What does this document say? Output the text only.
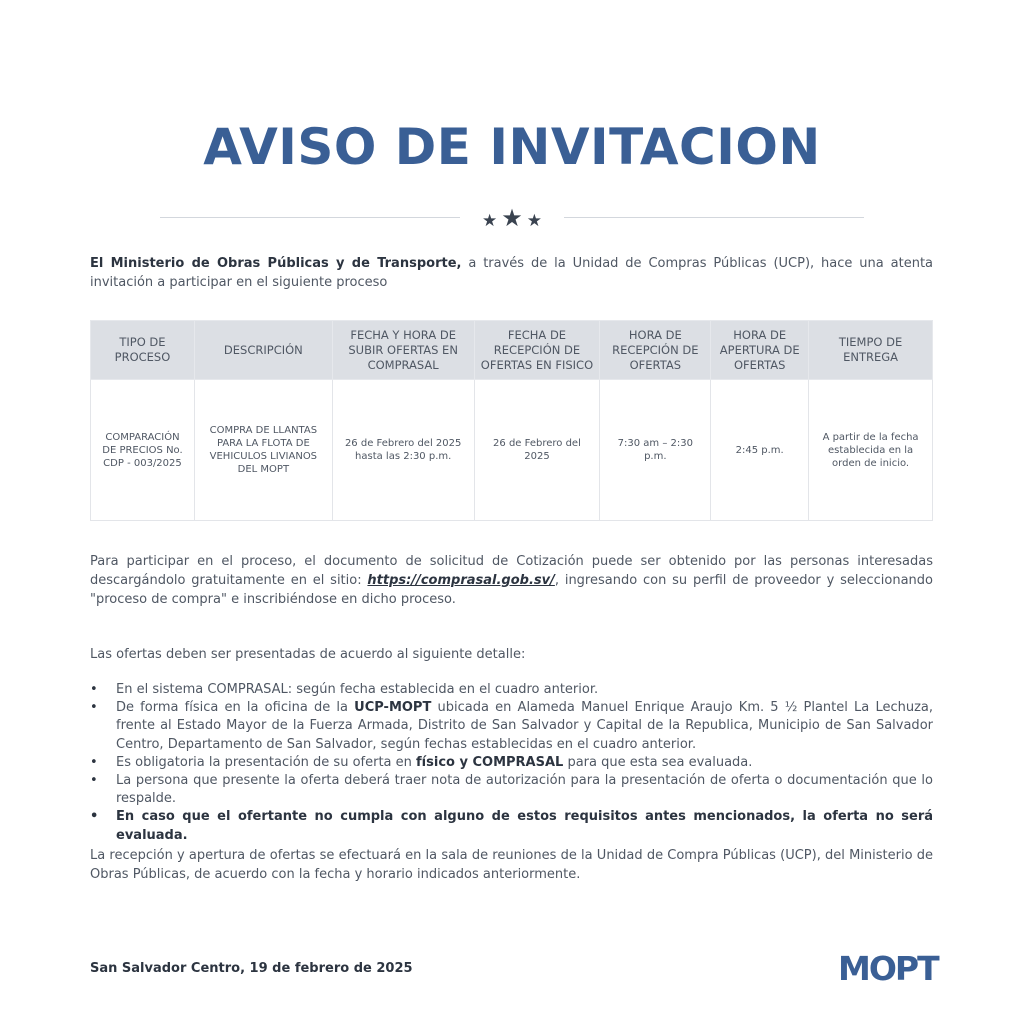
AVISO DE INVITACION
★ ★ ★

El Ministerio de Obras Públicas y de Transporte, a través de la Unidad de Compras Públicas (UCP), hace una atenta invitación a participar en el siguiente proceso

TIPO DE PROCESO	DESCRIPCIÓN	FECHA Y HORA DE SUBIR OFERTAS EN COMPRASAL	FECHA DE RECEPCIÓN DE OFERTAS EN FISICO	HORA DE RECEPCIÓN DE OFERTAS	HORA DE APERTURA DE OFERTAS	TIEMPO DE ENTREGA
COMPARACIÓN DE PRECIOS No. CDP - 003/2025	COMPRA DE LLANTAS PARA LA FLOTA DE VEHICULOS LIVIANOS DEL MOPT	26 de Febrero del 2025 hasta las 2:30 p.m.	26 de Febrero del 2025	7:30 am – 2:30 p.m.	2:45 p.m.	A partir de la fecha establecida en la orden de inicio.

Para participar en el proceso, el documento de solicitud de Cotización puede ser obtenido por las personas interesadas descargándolo gratuitamente en el sitio: https://comprasal.gob.sv/, ingresando con su perfil de proveedor y seleccionando "proceso de compra" e inscribiéndose en dicho proceso.

Las ofertas deben ser presentadas de acuerdo al siguiente detalle:

• En el sistema COMPRASAL: según fecha establecida en el cuadro anterior.
• De forma física en la oficina de la UCP-MOPT ubicada en Alameda Manuel Enrique Araujo Km. 5 ½ Plantel La Lechuza, frente al Estado Mayor de la Fuerza Armada, Distrito de San Salvador y Capital de la Republica, Municipio de San Salvador Centro, Departamento de San Salvador, según fechas establecidas en el cuadro anterior.
• Es obligatoria la presentación de su oferta en físico y COMPRASAL para que esta sea evaluada.
• La persona que presente la oferta deberá traer nota de autorización para la presentación de oferta o documentación que lo respalde.
• En caso que el ofertante no cumpla con alguno de estos requisitos antes mencionados, la oferta no será evaluada.

La recepción y apertura de ofertas se efectuará en la sala de reuniones de la Unidad de Compra Públicas (UCP), del Ministerio de Obras Públicas, de acuerdo con la fecha y horario indicados anteriormente.

San Salvador Centro, 19 de febrero de 2025	MOPT
